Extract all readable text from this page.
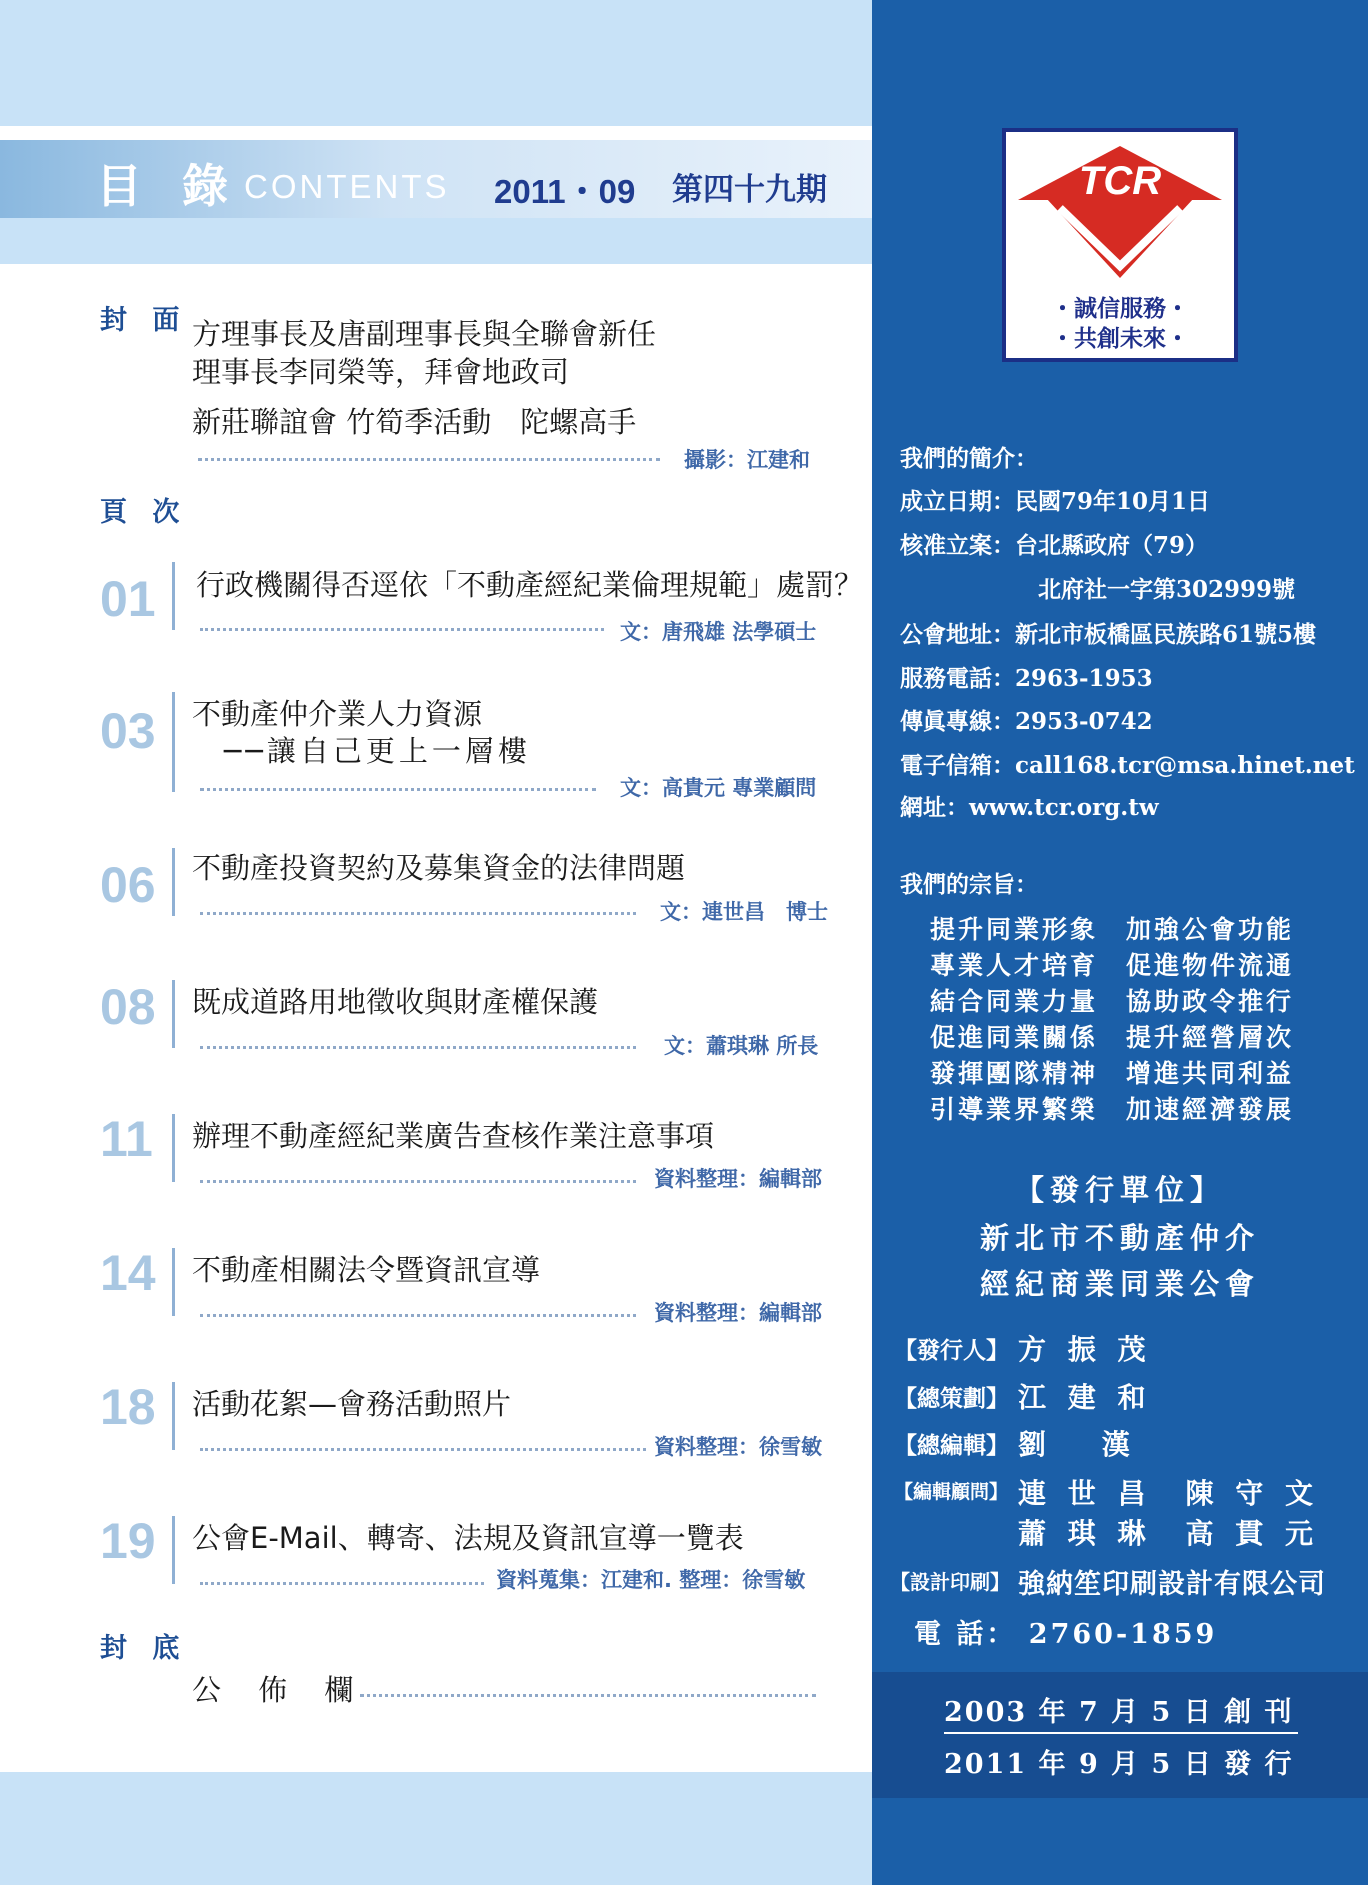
目 錄 CONTENTS 2011・09 第四十九期
封 面 方理事長及唐副理事長與全聯會新任
理事長李同榮等，拜會地政司
新莊聯誼會 竹筍季活動　陀螺高手
攝影：江建和
頁 次
01	行政機關得否逕依「不動產經紀業倫理規範」處罰？
文：唐飛雄 法學碩士
03	不動產仲介業人力資源
──讓自己更上一層樓
文：高貴元 專業顧問
06	不動產投資契約及募集資金的法律問題
文：連世昌　博士
08	既成道路用地徵收與財產權保護
文：蕭琪琳 所長
11	辦理不動產經紀業廣告查核作業注意事項
資料整理：編輯部
14	不動產相關法令暨資訊宣導
資料整理：編輯部
18	活動花絮—會務活動照片
資料整理：徐雪敏
19	公會E-Mail、轉寄、法規及資訊宣導一覽表
資料蒐集：江建和. 整理：徐雪敏
封 底
公 佈 欄
TCR
・誠信服務・
・共創未來・
我們的簡介：
成立日期：民國79年10月1日
核准立案：台北縣政府（79）
北府社一字第302999號
公會地址：新北市板橋區民族路61號5樓
服務電話：2963-1953
傳眞專線：2953-0742
電子信箱：call168.tcr@msa.hinet.net
網址：www.tcr.org.tw
我們的宗旨：
提升同業形象　加強公會功能
專業人才培育　促進物件流通
結合同業力量　協助政令推行
促進同業關係　提升經營層次
發揮團隊精神　增進共同利益
引導業界繁榮　加速經濟發展
【發行單位】
新北市不動產仲介
經紀商業同業公會
【發行人】 方 振 茂
【總策劃】 江 建 和
【總編輯】 劉　 漢
【編輯顧問】 連 世 昌　陳 守 文
蕭 琪 琳　高 貫 元
【設計印刷】 強納笙印刷設計有限公司
電 話： 2760-1859
2003 年 7 月 5 日 創 刊
2011 年 9 月 5 日 發 行
